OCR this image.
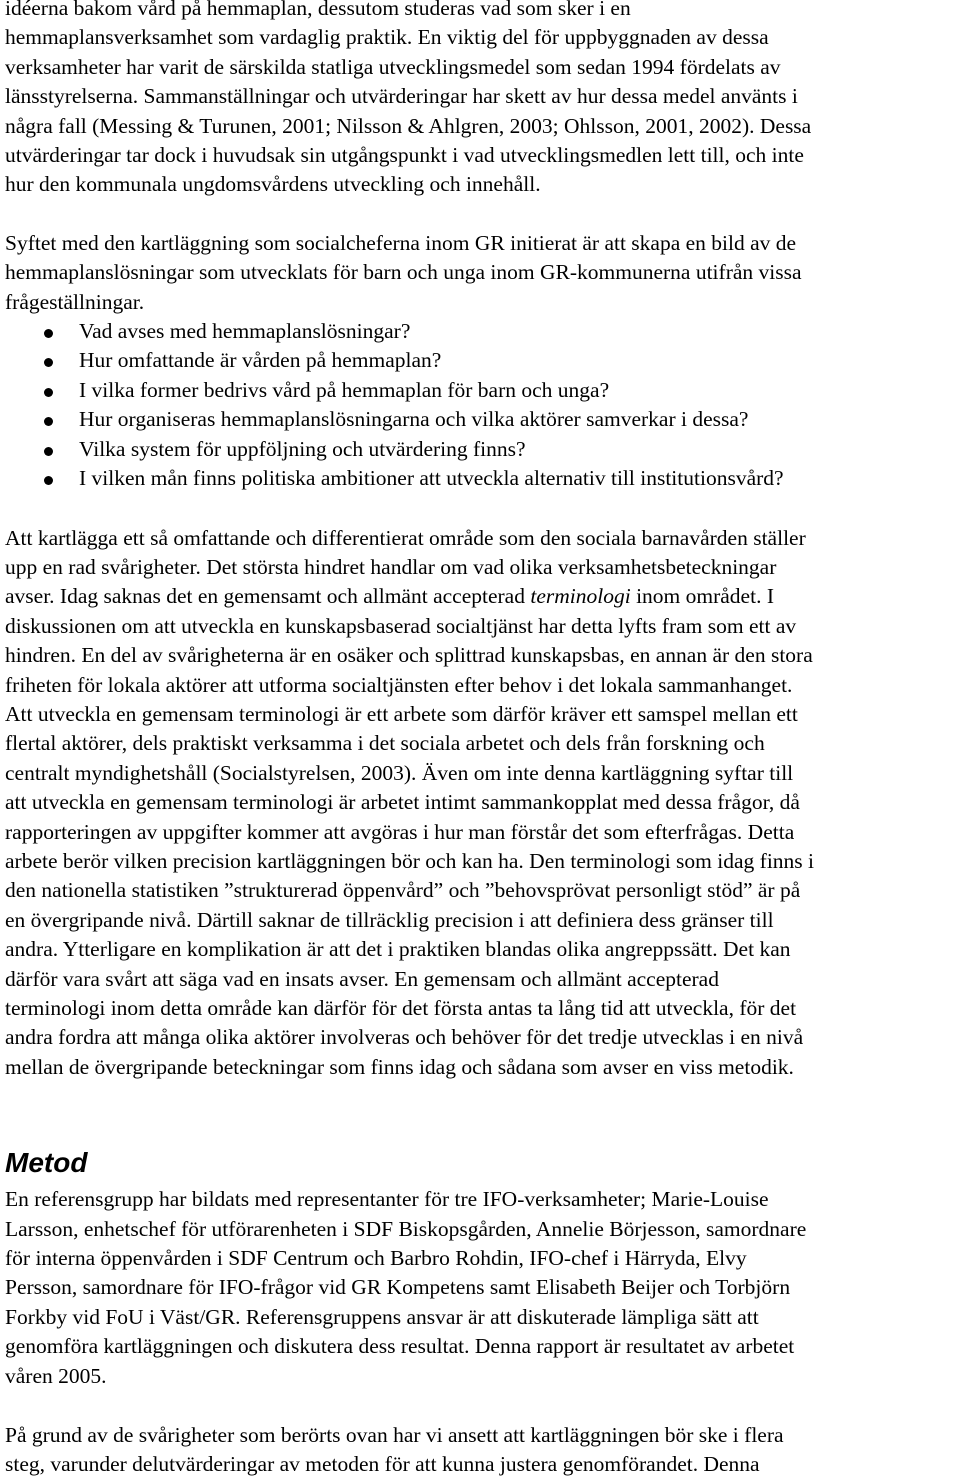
idéerna bakom vård på hemmaplan, dessutom studeras vad som sker i en

hemmaplansverksamhet som vardaglig praktik. En viktig del för uppbyggnaden av dessa

verksamheter har varit de särskilda statliga utvecklingsmedel som sedan 1994 fördelats av

länsstyrelserna. Sammanställningar och utvärderingar har skett av hur dessa medel använts i

några fall (Messing & Turunen, 2001; Nilsson & Ahlgren, 2003; Ohlsson, 2001, 2002). Dessa

utvärderingar tar dock i huvudsak sin utgångspunkt i vad utvecklingsmedlen lett till, och inte

hur den kommunala ungdomsvårdens utveckling och innehåll.

Syftet med den kartläggning som socialcheferna inom GR initierat är att skapa en bild av de

hemmaplanslösningar som utvecklats för barn och unga inom GR-kommunerna utifrån vissa

frågeställningar.

Vad avses med hemmaplanslösningar?
Hur omfattande är vården på hemmaplan?
I vilka former bedrivs vård på hemmaplan för barn och unga?
Hur organiseras hemmaplanslösningarna och vilka aktörer samverkar i dessa?
Vilka system för uppföljning och utvärdering finns?
I vilken mån finns politiska ambitioner att utveckla alternativ till institutionsvård?

Att kartlägga ett så omfattande och differentierat område som den sociala barnavården ställer

upp en rad svårigheter. Det största hindret handlar om vad olika verksamhetsbeteckningar

avser. Idag saknas det en gemensamt och allmänt accepterad terminologi inom området. I

diskussionen om att utveckla en kunskapsbaserad socialtjänst har detta lyfts fram som ett av

hindren. En del av svårigheterna är en osäker och splittrad kunskapsbas, en annan är den stora

friheten för lokala aktörer att utforma socialtjänsten efter behov i det lokala sammanhanget.

Att utveckla en gemensam terminologi är ett arbete som därför kräver ett samspel mellan ett

flertal aktörer, dels praktiskt verksamma i det sociala arbetet och dels från forskning och

centralt myndighetshåll (Socialstyrelsen, 2003). Även om inte denna kartläggning syftar till

att utveckla en gemensam terminologi är arbetet intimt sammankopplat med dessa frågor, då

rapporteringen av uppgifter kommer att avgöras i hur man förstår det som efterfrågas. Detta

arbete berör vilken precision kartläggningen bör och kan ha. Den terminologi som idag finns i

den nationella statistiken ”strukturerad öppenvård” och ”behovsprövat personligt stöd” är på

en övergripande nivå. Därtill saknar de tillräcklig precision i att definiera dess gränser till

andra. Ytterligare en komplikation är att det i praktiken blandas olika angreppssätt. Det kan

därför vara svårt att säga vad en insats avser. En gemensam och allmänt accepterad

terminologi inom detta område kan därför för det första antas ta lång tid att utveckla, för det

andra fordra att många olika aktörer involveras och behöver för det tredje utvecklas i en nivå

mellan de övergripande beteckningar som finns idag och sådana som avser en viss metodik.

Metod

En referensgrupp har bildats med representanter för tre IFO-verksamheter; Marie-Louise

Larsson, enhetschef för utförarenheten i SDF Biskopsgården, Annelie Börjesson, samordnare

för interna öppenvården i SDF Centrum och Barbro Rohdin, IFO-chef i Härryda, Elvy

Persson, samordnare för IFO-frågor vid GR Kompetens samt Elisabeth Beijer och Torbjörn

Forkby vid FoU i Väst/GR. Referensgruppens ansvar är att diskuterade lämpliga sätt att

genomföra kartläggningen och diskutera dess resultat. Denna rapport är resultatet av arbetet

våren 2005.

På grund av de svårigheter som berörts ovan har vi ansett att kartläggningen bör ske i flera

steg, varunder delutvärderingar av metoden för att kunna justera genomförandet. Denna
